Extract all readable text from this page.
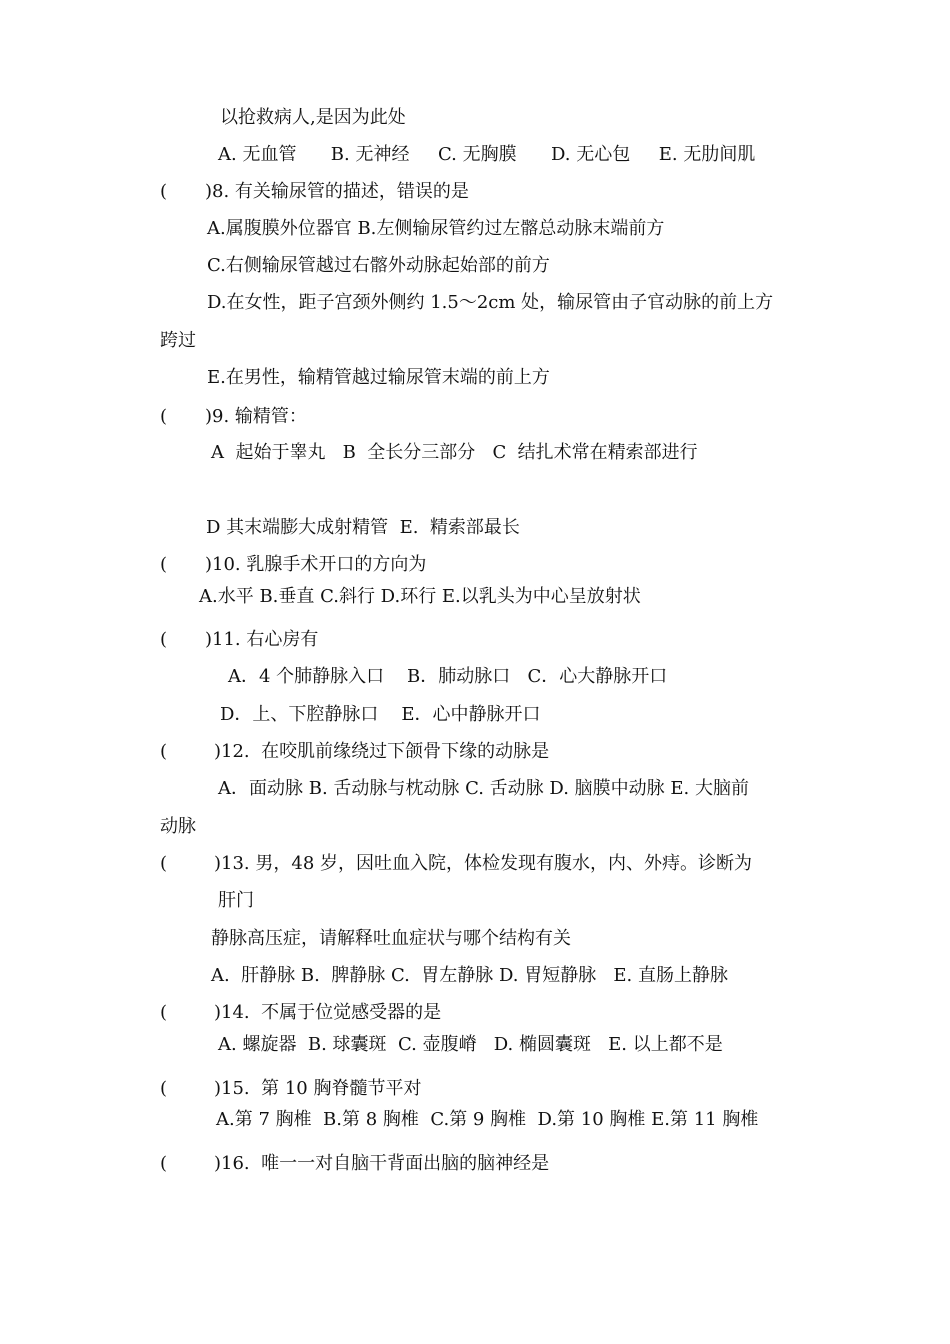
(
(
(
(
(
(
(
(
(
以抢救病人,是因为此处
A. 无血管      B. 无神经     C. 无胸膜      D. 无心包     E. 无肋间肌
)8. 有关输尿管的描述，错误的是
A.属腹膜外位器官 B.左侧输尿管约过左髂总动脉末端前方
C.右侧输尿管越过右髂外动脉起始部的前方
D.在女性，距子宫颈外侧约 1.5～2cm 处，输尿管由子官动脉的前上方
跨过
E.在男性，输精管越过输尿管末端的前上方
)9. 输精管：
A  起始于睾丸   B  全长分三部分   C  结扎术常在精索部进行
D 其末端膨大成射精管  E.  精索部最长
)10. 乳腺手术开口的方向为
A.水平 B.垂直 C.斜行 D.环行 E.以乳头为中心呈放射状
)11. 右心房有
A．4 个肺静脉入口    B．肺动脉口   C．心大静脉开口
D．上、下腔静脉口    E．心中静脉开口
)12.  在咬肌前缘绕过下颌骨下缘的动脉是
A．面动脉 B. 舌动脉与枕动脉 C. 舌动脉 D. 脑膜中动脉 E. 大脑前
动脉
)13. 男，48 岁，因吐血入院，体检发现有腹水，内、外痔。诊断为
肝门
静脉高压症，请解释吐血症状与哪个结构有关
A.  肝静脉 B.  脾静脉 C.  胃左静脉 D. 胃短静脉   E. 直肠上静脉
)14.  不属于位觉感受器的是
A. 螺旋器  B. 球囊斑  C. 壶腹嵴   D. 椭圆囊斑   E. 以上都不是
)15.  第 10 胸脊髓节平对
A.第 7 胸椎  B.第 8 胸椎  C.第 9 胸椎  D.第 10 胸椎 E.第 11 胸椎
)16.  唯一一对自脑干背面出脑的脑神经是
